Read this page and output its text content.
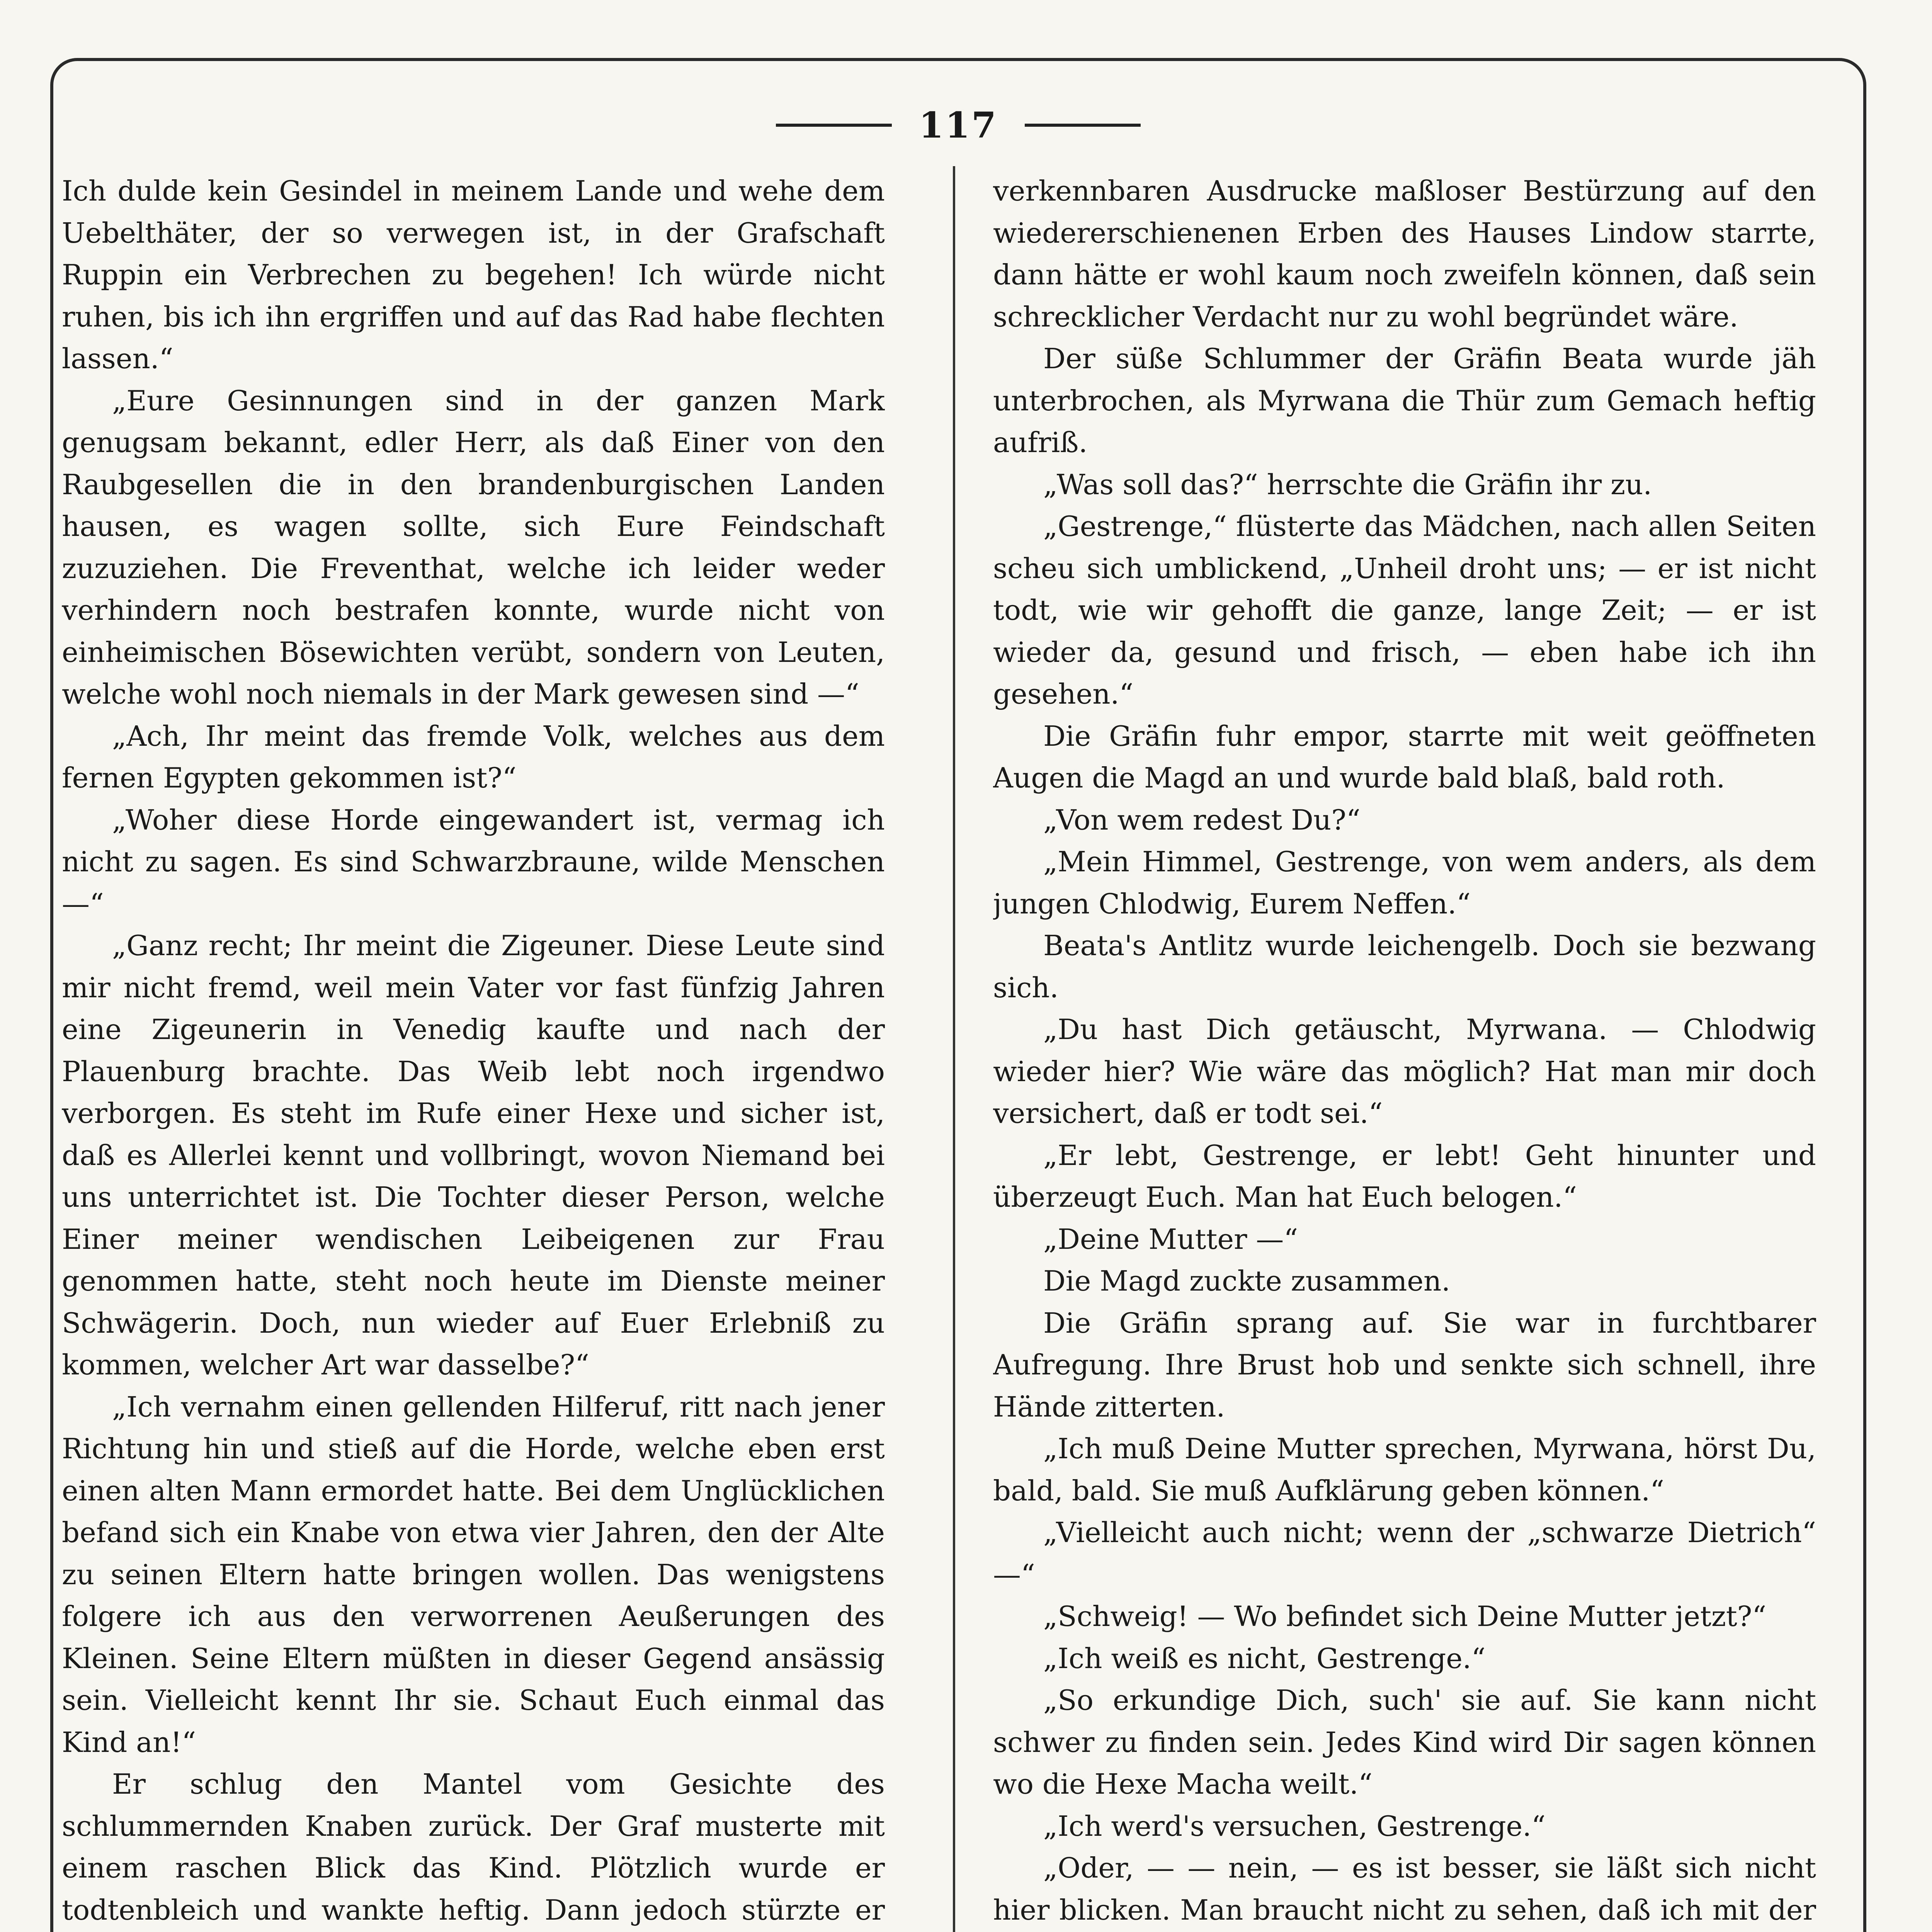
117

Ich dulde kein Gesindel in meinem Lande und wehe dem Uebelthäter, der so verwegen ist, in der Grafschaft Ruppin ein Verbrechen zu begehen! Ich würde nicht ruhen, bis ich ihn ergriffen und auf das Rad habe flechten lassen.“

„Eure Gesinnungen sind in der ganzen Mark genugsam bekannt, edler Herr, als daß Einer von den Raubgesellen die in den brandenburgischen Landen hausen, es wagen sollte, sich Eure Feindschaft zuzuziehen. Die Freventhat, welche ich leider weder verhindern noch bestrafen konnte, wurde nicht von einheimischen Bösewichten verübt, sondern von Leuten, welche wohl noch niemals in der Mark gewesen sind —“

„Ach, Ihr meint das fremde Volk, welches aus dem fernen Egypten gekommen ist?“

„Woher diese Horde eingewandert ist, vermag ich nicht zu sagen. Es sind Schwarzbraune, wilde Menschen —“

„Ganz recht; Ihr meint die Zigeuner. Diese Leute sind mir nicht fremd, weil mein Vater vor fast fünfzig Jahren eine Zigeunerin in Venedig kaufte und nach der Plauenburg brachte. Das Weib lebt noch irgendwo verborgen. Es steht im Rufe einer Hexe und sicher ist, daß es Allerlei kennt und vollbringt, wovon Niemand bei uns unterrichtet ist. Die Tochter dieser Person, welche Einer meiner wendischen Leibeigenen zur Frau genommen hatte, steht noch heute im Dienste meiner Schwägerin. Doch, nun wieder auf Euer Erlebniß zu kommen, welcher Art war dasselbe?“

„Ich vernahm einen gellenden Hilferuf, ritt nach jener Richtung hin und stieß auf die Horde, welche eben erst einen alten Mann ermordet hatte. Bei dem Unglücklichen befand sich ein Knabe von etwa vier Jahren, den der Alte zu seinen Eltern hatte bringen wollen. Das wenigstens folgere ich aus den verworrenen Aeußerungen des Kleinen. Seine Eltern müßten in dieser Gegend ansässig sein. Vielleicht kennt Ihr sie. Schaut Euch einmal das Kind an!“

Er schlug den Mantel vom Gesichte des schlummernden Knaben zurück. Der Graf musterte mit einem raschen Blick das Kind. Plötzlich wurde er todtenbleich und wankte heftig. Dann jedoch stürzte er

verkennbaren Ausdrucke maßloser Bestürzung auf den wiedererschienenen Erben des Hauses Lindow starrte, dann hätte er wohl kaum noch zweifeln können, daß sein schrecklicher Verdacht nur zu wohl begründet wäre.

Der süße Schlummer der Gräfin Beata wurde jäh unterbrochen, als Myrwana die Thür zum Gemach heftig aufriß.

„Was soll das?“ herrschte die Gräfin ihr zu.

„Gestrenge,“ flüsterte das Mädchen, nach allen Seiten scheu sich umblickend, „Unheil droht uns; — er ist nicht todt, wie wir gehofft die ganze, lange Zeit; — er ist wieder da, gesund und frisch, — eben habe ich ihn gesehen.“

Die Gräfin fuhr empor, starrte mit weit geöffneten Augen die Magd an und wurde bald blaß, bald roth.

„Von wem redest Du?“

„Mein Himmel, Gestrenge, von wem anders, als dem jungen Chlodwig, Eurem Neffen.“

Beata's Antlitz wurde leichengelb. Doch sie bezwang sich.

„Du hast Dich getäuscht, Myrwana. — Chlodwig wieder hier? Wie wäre das möglich? Hat man mir doch versichert, daß er todt sei.“

„Er lebt, Gestrenge, er lebt! Geht hinunter und überzeugt Euch. Man hat Euch belogen.“

„Deine Mutter —“

Die Magd zuckte zusammen.

Die Gräfin sprang auf. Sie war in furchtbarer Aufregung. Ihre Brust hob und senkte sich schnell, ihre Hände zitterten.

„Ich muß Deine Mutter sprechen, Myrwana, hörst Du, bald, bald. Sie muß Aufklärung geben können.“

„Vielleicht auch nicht; wenn der „schwarze Dietrich“ —“

„Schweig! — Wo befindet sich Deine Mutter jetzt?“

„Ich weiß es nicht, Gestrenge.“

„So erkundige Dich, such' sie auf. Sie kann nicht schwer zu finden sein. Jedes Kind wird Dir sagen können wo die Hexe Macha weilt.“

„Ich werd's versuchen, Gestrenge.“

„Oder, — — nein, — es ist besser, sie läßt sich nicht hier blicken. Man braucht nicht zu sehen, daß ich mit der
